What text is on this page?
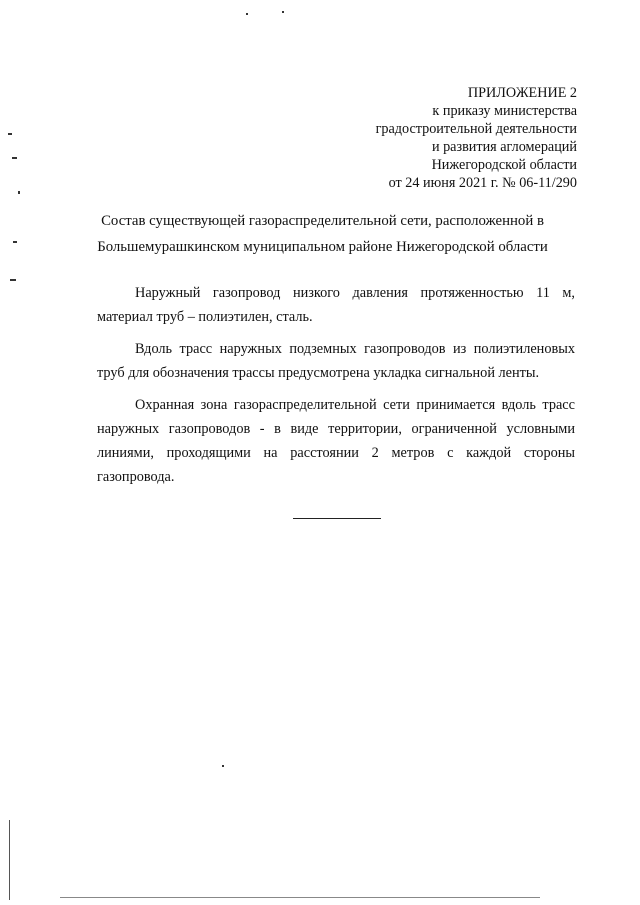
ПРИЛОЖЕНИЕ 2
к приказу министерства
градостроительной деятельности
и развития агломераций
Нижегородской области
от 24 июня 2021 г. № 06-11/290
Состав существующей газораспределительной сети, расположенной в
Большемурашкинском муниципальном районе Нижегородской области

Наружный газопровод низкого давления протяженностью 11 м, материал труб – полиэтилен, сталь.

Вдоль трасс наружных подземных газопроводов из полиэтиленовых труб для обозначения трассы предусмотрена укладка сигнальной ленты.

Охранная зона газораспределительной сети принимается вдоль трасс наружных газопроводов - в виде территории, ограниченной условными линиями, проходящими на расстоянии 2 метров с каждой стороны газопровода.
